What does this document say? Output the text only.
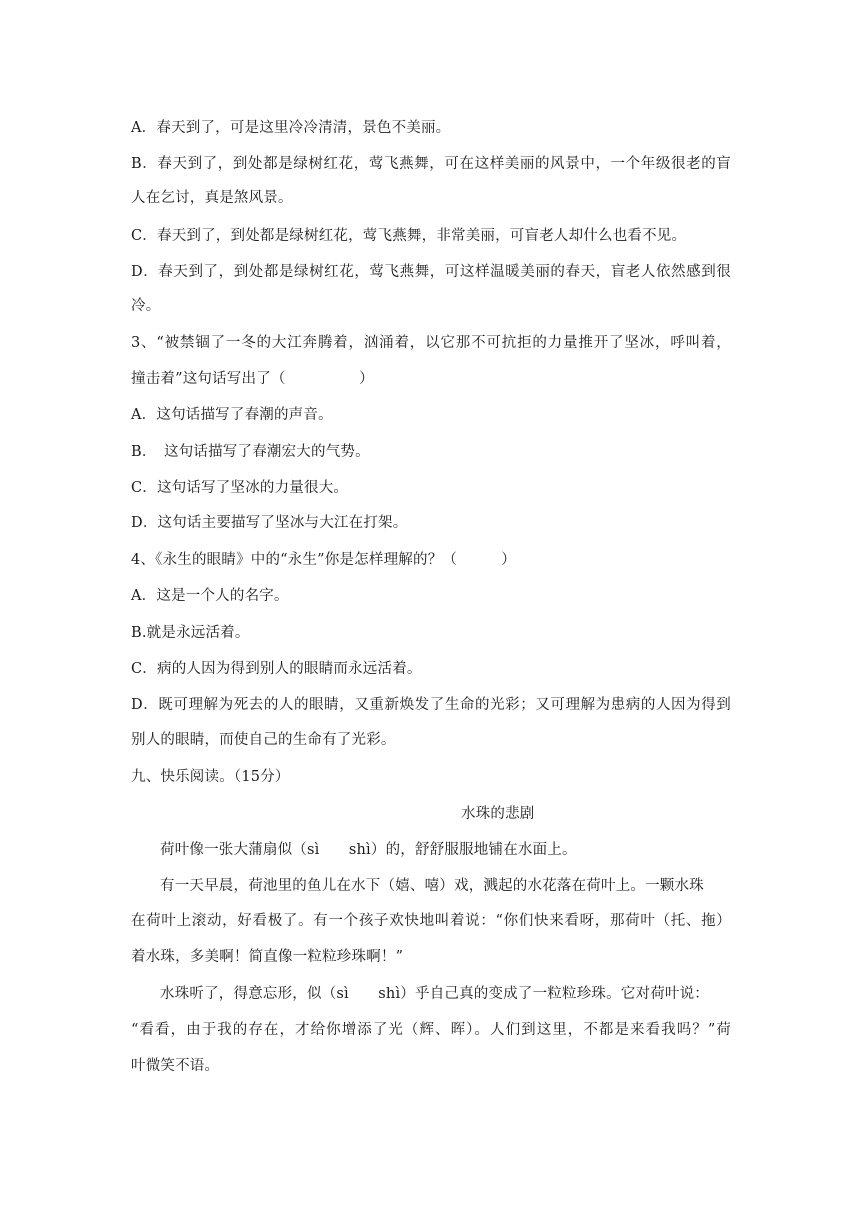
A．春天到了，可是这里冷冷清清，景色不美丽。
B．春天到了，到处都是绿树红花，莺飞燕舞，可在这样美丽的风景中，一个年级很老的盲
人在乞讨，真是煞风景。
C．春天到了，到处都是绿树红花，莺飞燕舞，非常美丽，可盲老人却什么也看不见。
D．春天到了，到处都是绿树红花，莺飞燕舞，可这样温暖美丽的春天，盲老人依然感到很
冷。
3、“被禁锢了一冬的大江奔腾着，汹涌着，以它那不可抗拒的力量推开了坚冰，呼叫着，
撞击着”这句话写出了（　　　　　）
A．这句话描写了春潮的声音。
B．　这句话描写了春潮宏大的气势。
C．这句话写了坚冰的力量很大。
D．这句话主要描写了坚冰与大江在打架。
4、《永生的眼睛》中的“永生”你是怎样理解的？（　　　）
A．这是一个人的名字。
B.就是永远活着。
C．病的人因为得到别人的眼睛而永远活着。
D．既可理解为死去的人的眼睛，又重新焕发了生命的光彩；又可理解为患病的人因为得到
别人的眼睛，而使自己的生命有了光彩。
九、快乐阅读。（15分）
水珠的悲剧
荷叶像一张大蒲扇似（sì　　shì）的，舒舒服服地铺在水面上。
有一天早晨，荷池里的鱼儿在水下（嬉、嘻）戏，溅起的水花落在荷叶上。一颗水珠
在荷叶上滚动，好看极了。有一个孩子欢快地叫着说：“你们快来看呀，那荷叶（托、拖）
着水珠，多美啊！简直像一粒粒珍珠啊！”
水珠听了，得意忘形，似（sì　　shì）乎自己真的变成了一粒粒珍珠。它对荷叶说：
“看看，由于我的存在，才给你增添了光（辉、晖）。人们到这里，不都是来看我吗？”荷
叶微笑不语。
